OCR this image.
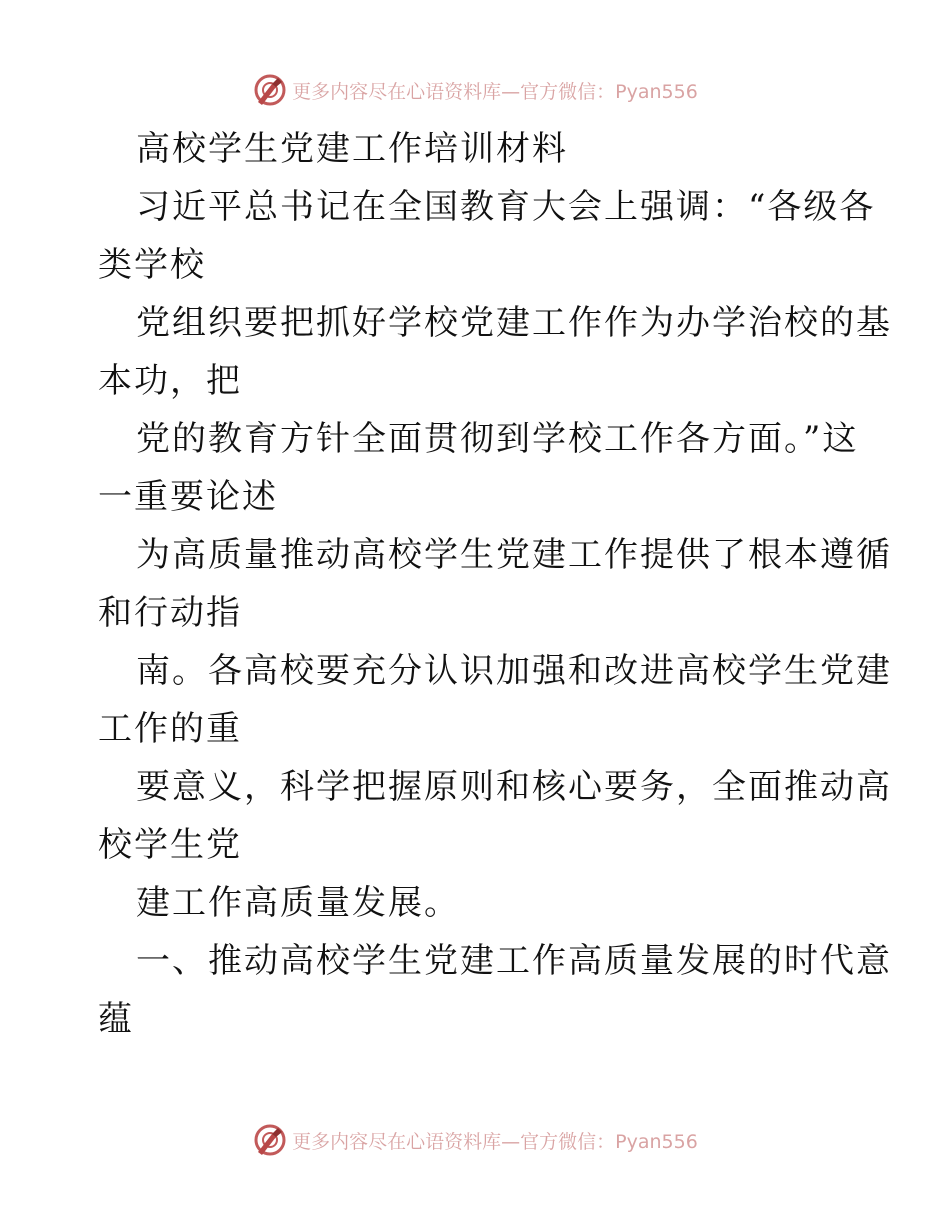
更多内容尽在心语资料库—官方微信：Pyan556
高校学生党建工作培训材料
习近平总书记在全国教育大会上强调：“各级各
类学校
党组织要把抓好学校党建工作作为办学治校的基
本功，把
党的教育方针全面贯彻到学校工作各方面。”这
一重要论述
为高质量推动高校学生党建工作提供了根本遵循
和行动指
南。各高校要充分认识加强和改进高校学生党建
工作的重
要意义，科学把握原则和核心要务，全面推动高
校学生党
建工作高质量发展。
一、推动高校学生党建工作高质量发展的时代意
蕴
更多内容尽在心语资料库—官方微信：Pyan556
